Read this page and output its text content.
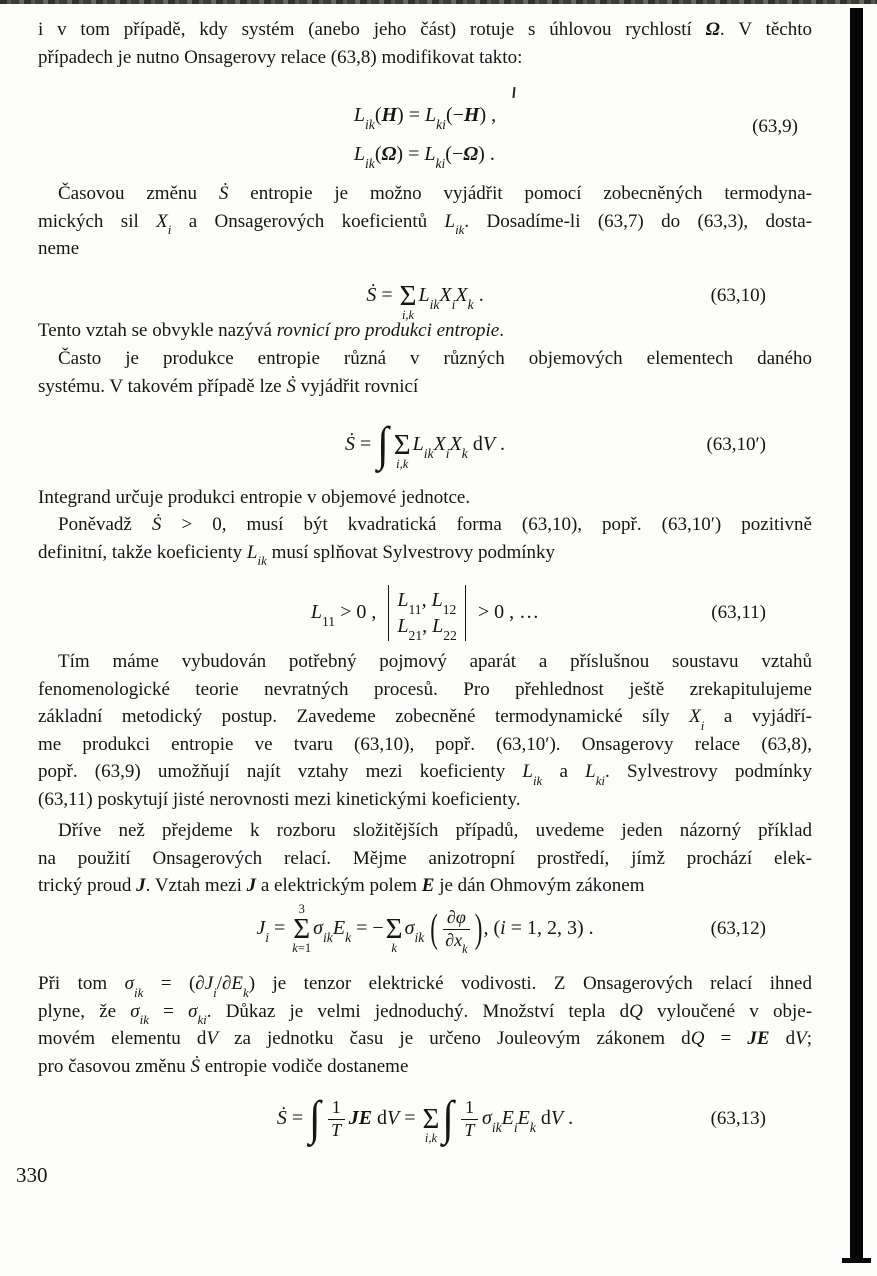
i v tom případě, kdy systém (anebo jeho část) rotuje s úhlovou rychlostí Ω. V těchto
případech je nutno Onsagerovy relace (63,8) modifikovat takto:
$L_{ik}(H) = L_{ki}(-H)$ ,
$L_{ik}(\Omega) = L_{ki}(-\Omega)$ .
(63,9)
Časovou změnu Ṡ entropie je možno vyjádřit pomocí zobecněných termodyna-
mických sil $X_i$ a Onsagerových koeficientů $L_{ik}$. Dosadíme-li (63,7) do (63,3), dosta-
neme
Ṡ = Σ
i,k
$L_{ik}X_iX_k$ .	(63,10)
Tento vztah se obvykle nazývá rovnicí pro produkci entropie.
Často je produkce entropie různá v různých objemových elementech daného
systému. V takovém případě lze Ṡ vyjádřit rovnicí
Ṡ = ∫ Σ
i,k
$L_{ik}X_iX_k$ dV .	(63,10′)
Integrand určuje produkci entropie v objemové jednotce.
Poněvadž Ṡ > 0, musí být kvadratická forma (63,10), popř. (63,10′) pozitivně
definitní, takže koeficienty $L_{ik}$ musí splňovat Sylvestrovy podmínky
$L_{11} > 0$ ,
$L_{11}$, $L_{12}$
$L_{21}$, $L_{22}$
> 0 , …	(63,11)
Tím máme vybudován potřebný pojmový aparát a příslušnou soustavu vztahů
fenomenologické teorie nevratných procesů. Pro přehlednost ještě zrekapitulujeme
základní metodický postup. Zavedeme zobecněné termodynamické síly $X_i$ a vyjádří-
me produkci entropie ve tvaru (63,10), popř. (63,10′). Onsagerovy relace (63,8),
popř. (63,9) umožňují najít vztahy mezi koeficienty $L_{ik}$ a $L_{ki}$. Sylvestrovy podmínky
(63,11) poskytují jisté nerovnosti mezi kinetickými koeficienty.
Dříve než přejdeme k rozboru složitějších případů, uvedeme jeden názorný příklad
na použití Onsagerových relací. Mějme anizotropní prostředí, jímž prochází elek-
trický proud J. Vztah mezi J a elektrickým polem E je dán Ohmovým zákonem
$J_i$ =
3
Σ
k=1
$\sigma_{ik}E_k$ = − Σ
k
$\sigma_{ik}$ ( $\frac{\partial\varphi}{\partial x_k}$ ), (i = 1, 2, 3) .	(63,12)
Při tom $\sigma_{ik} = (\partial J_i/\partial E_k)$ je tenzor elektrické vodivosti. Z Onsagerových relací ihned
plyne, že $\sigma_{ik} = \sigma_{ki}$. Důkaz je velmi jednoduchý. Množství tepla dQ vyloučené v obje-
movém elementu dV za jednotku času je určeno Jouleovým zákonem dQ = JE dV;
pro časovou změnu Ṡ entropie vodiče dostaneme
Ṡ = ∫ $\frac{1}{T}$ JE dV = Σ
i,k ∫ $\frac{1}{T} \sigma_{ik}E_iE_k$ dV .	(63,13)
330
